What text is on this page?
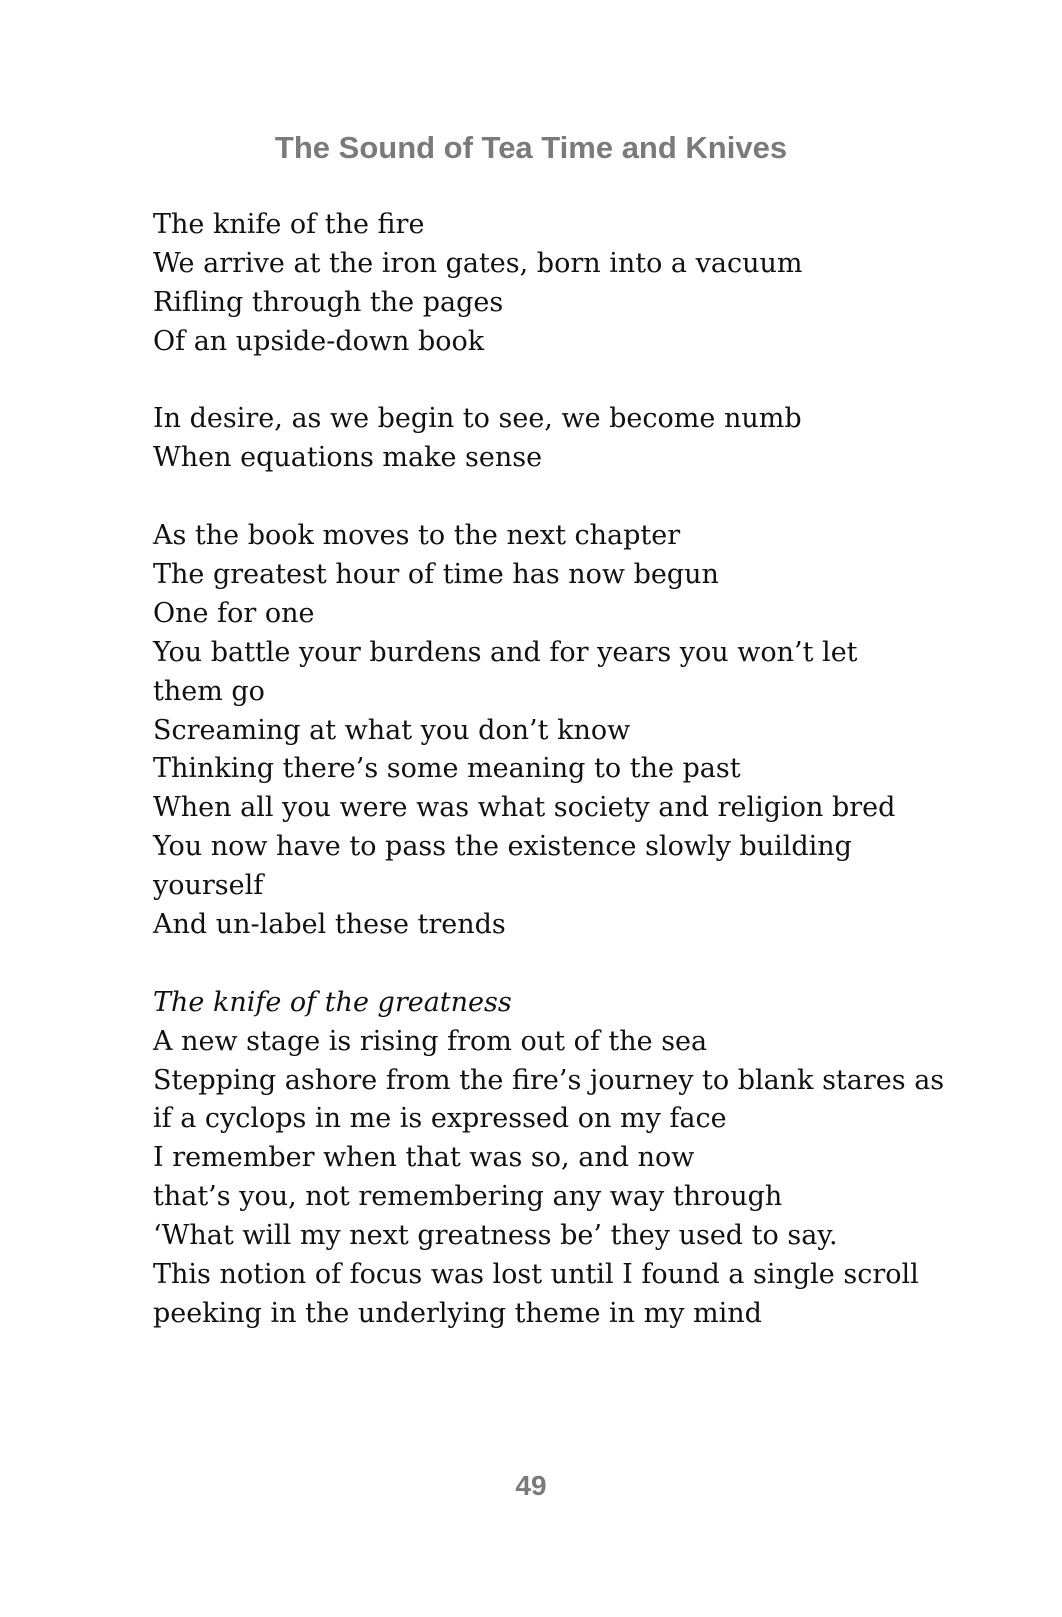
The Sound of Tea Time and Knives
The knife of the fire
We arrive at the iron gates, born into a vacuum
Rifling through the pages
Of an upside-down book
In desire, as we begin to see, we become numb
When equations make sense
As the book moves to the next chapter
The greatest hour of time has now begun
One for one
You battle your burdens and for years you won’t let
them go
Screaming at what you don’t know
Thinking there’s some meaning to the past
When all you were was what society and religion bred
You now have to pass the existence slowly building
yourself
And un-label these trends
The knife of the greatness
A new stage is rising from out of the sea
Stepping ashore from the fire’s journey to blank stares as
if a cyclops in me is expressed on my face
I remember when that was so, and now
that’s you, not remembering any way through
‘What will my next greatness be’ they used to say.
This notion of focus was lost until I found a single scroll
peeking in the underlying theme in my mind
49
